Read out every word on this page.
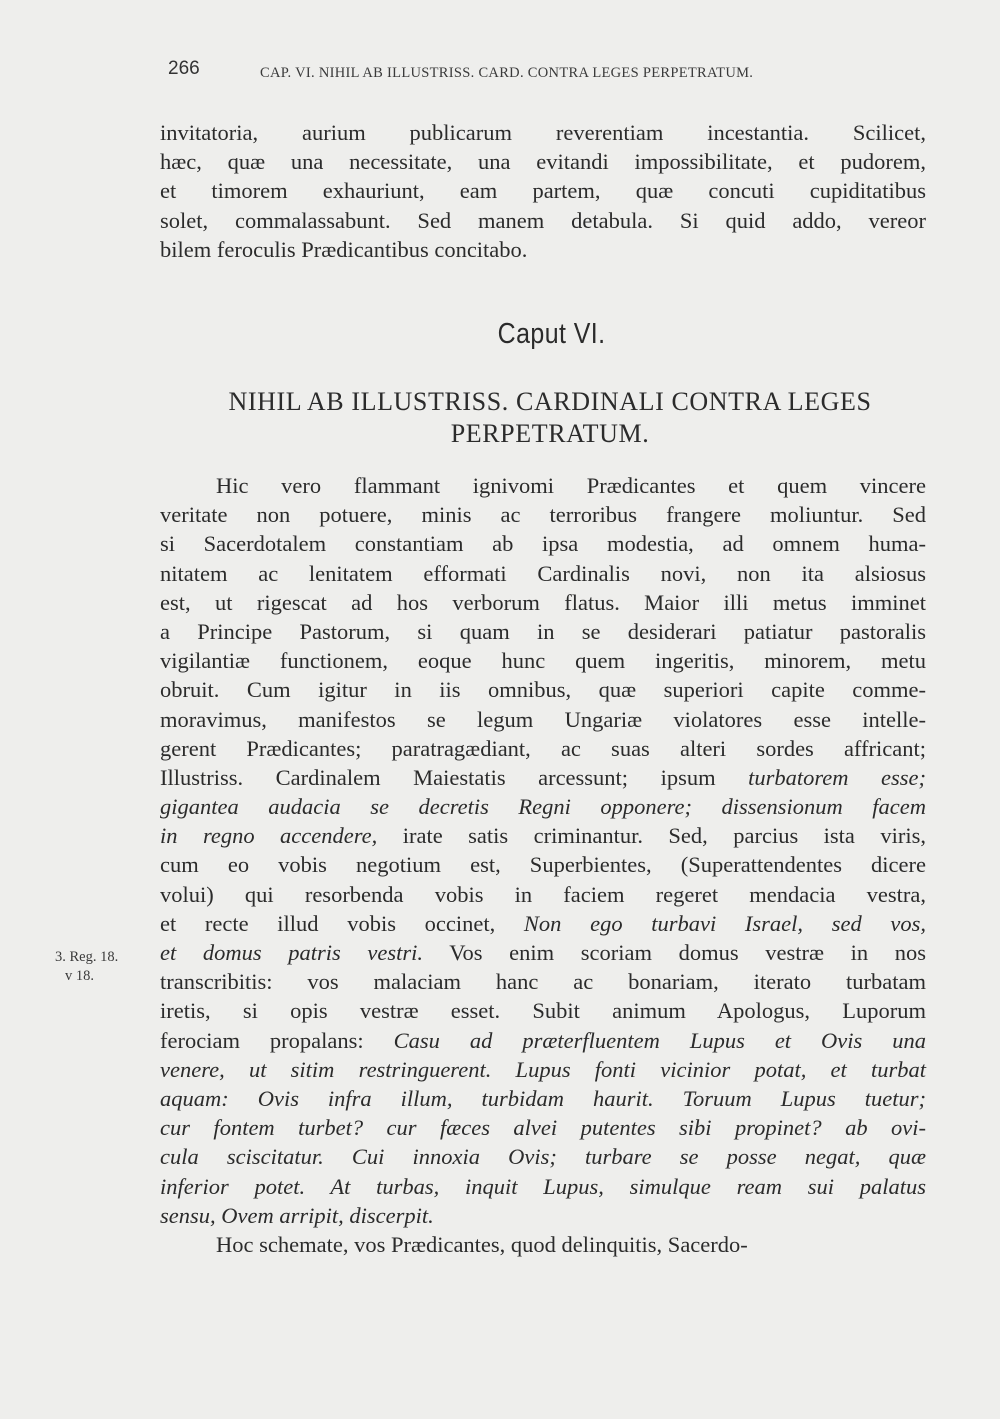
266	CAP. VI. NIHIL AB ILLUSTRISS. CARD. CONTRA LEGES PERPETRATUM.
invitatoria, aurium publicarum reverentiam incestantia. Scilicet,
hæc, quæ una necessitate, una evitandi impossibilitate, et pudorem,
et timorem exhauriunt, eam partem, quæ concuti cupiditatibus
solet, commalassabunt. Sed manem detabula. Si quid addo, vereor
bilem feroculis Prædicantibus concitabo.
Caput VI.
NIHIL AB ILLUSTRISS. CARDINALI CONTRA LEGES
PERPETRATUM.
Hic vero flammant ignivomi Prædicantes et quem vincere
veritate non potuere, minis ac terroribus frangere moliuntur. Sed
si Sacerdotalem constantiam ab ipsa modestia, ad omnem huma-
nitatem ac lenitatem efformati Cardinalis novi, non ita alsiosus
est, ut rigescat ad hos verborum flatus. Maior illi metus imminet
a Principe Pastorum, si quam in se desiderari patiatur pastoralis
vigilantiæ functionem, eoque hunc quem ingeritis, minorem, metu
obruit. Cum igitur in iis omnibus, quæ superiori capite comme-
moravimus, manifestos se legum Ungariæ violatores esse intelle-
gerent Prædicantes; paratragædiant, ac suas alteri sordes affricant;
Illustriss. Cardinalem Maiestatis arcessunt; ipsum turbatorem esse;
gigantea audacia se decretis Regni opponere; dissensionum facem
in regno accendere, irate satis criminantur. Sed, parcius ista viris,
cum eo vobis negotium est, Superbientes, (Superattendentes dicere
volui) qui resorbenda vobis in faciem regeret mendacia vestra,
et recte illud vobis occinet, Non ego turbavi Israel, sed vos,
et domus patris vestri. Vos enim scoriam domus vestræ in nos
transcribitis: vos malaciam hanc ac bonariam, iterato turbatam
iretis, si opis vestræ esset. Subit animum Apologus, Luporum
ferociam propalans: Casu ad præterfluentem Lupus et Ovis una
venere, ut sitim restringuerent. Lupus fonti vicinior potat, et turbat
aquam: Ovis infra illum, turbidam haurit. Toruum Lupus tuetur;
cur fontem turbet? cur fæces alvei putentes sibi propinet? ab ovi-
cula sciscitatur. Cui innoxia Ovis; turbare se posse negat, quæ
inferior potet. At turbas, inquit Lupus, simulque ream sui palatus
sensu, Ovem arripit, discerpit.
Hoc schemate, vos Prædicantes, quod delinquitis, Sacerdo-
3. Reg. 18.
v 18.
